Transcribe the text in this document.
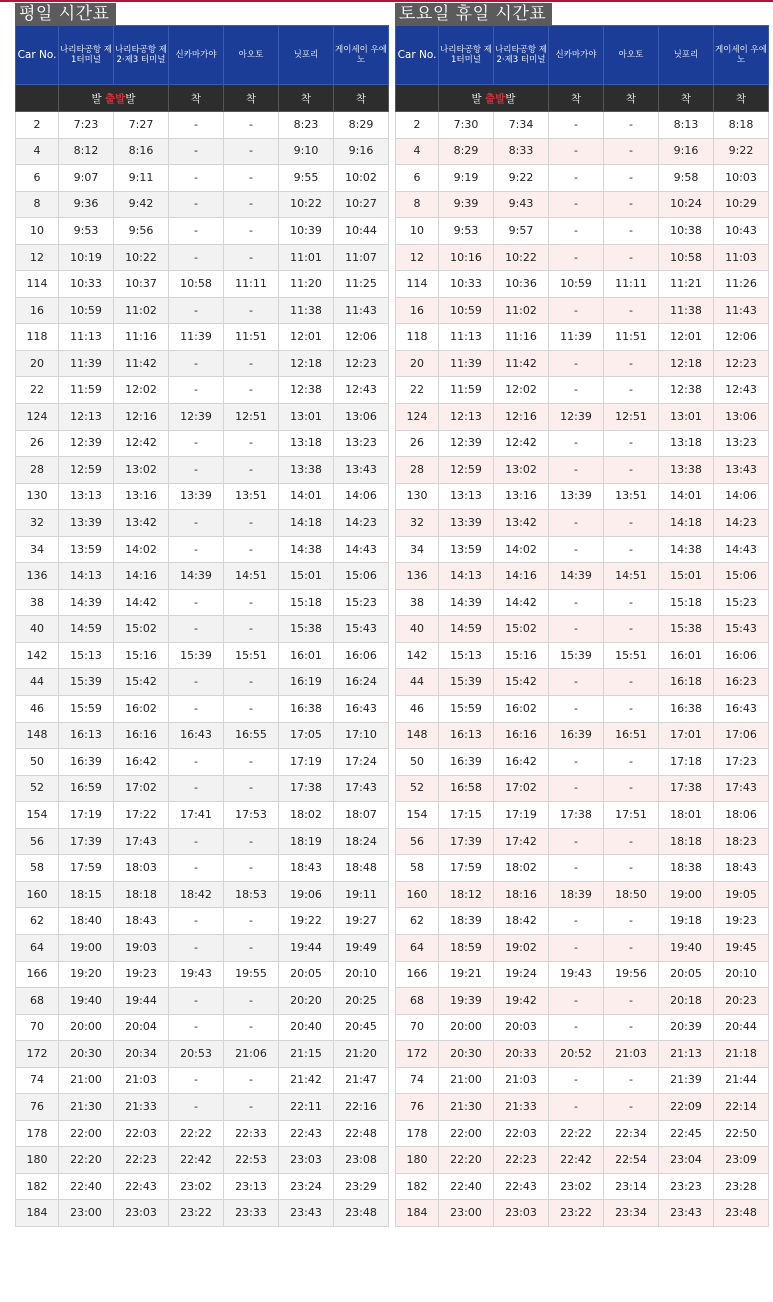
평일 시간표
Car No.	나리타공항 제1터미널	나리타공항 제2·제3 터미널	신카마가야	아오토	닛포리	게이세이 우에노
	발 출발발		착	착	착	착
2	7:23	7:27	-	-	8:23	8:29
4	8:12	8:16	-	-	9:10	9:16
6	9:07	9:11	-	-	9:55	10:02
8	9:36	9:42	-	-	10:22	10:27
10	9:53	9:56	-	-	10:39	10:44
12	10:19	10:22	-	-	11:01	11:07
114	10:33	10:37	10:58	11:11	11:20	11:25
16	10:59	11:02	-	-	11:38	11:43
118	11:13	11:16	11:39	11:51	12:01	12:06
20	11:39	11:42	-	-	12:18	12:23
22	11:59	12:02	-	-	12:38	12:43
124	12:13	12:16	12:39	12:51	13:01	13:06
26	12:39	12:42	-	-	13:18	13:23
28	12:59	13:02	-	-	13:38	13:43
130	13:13	13:16	13:39	13:51	14:01	14:06
32	13:39	13:42	-	-	14:18	14:23
34	13:59	14:02	-	-	14:38	14:43
136	14:13	14:16	14:39	14:51	15:01	15:06
38	14:39	14:42	-	-	15:18	15:23
40	14:59	15:02	-	-	15:38	15:43
142	15:13	15:16	15:39	15:51	16:01	16:06
44	15:39	15:42	-	-	16:19	16:24
46	15:59	16:02	-	-	16:38	16:43
148	16:13	16:16	16:43	16:55	17:05	17:10
50	16:39	16:42	-	-	17:19	17:24
52	16:59	17:02	-	-	17:38	17:43
154	17:19	17:22	17:41	17:53	18:02	18:07
56	17:39	17:43	-	-	18:19	18:24
58	17:59	18:03	-	-	18:43	18:48
160	18:15	18:18	18:42	18:53	19:06	19:11
62	18:40	18:43	-	-	19:22	19:27
64	19:00	19:03	-	-	19:44	19:49
166	19:20	19:23	19:43	19:55	20:05	20:10
68	19:40	19:44	-	-	20:20	20:25
70	20:00	20:04	-	-	20:40	20:45
172	20:30	20:34	20:53	21:06	21:15	21:20
74	21:00	21:03	-	-	21:42	21:47
76	21:30	21:33	-	-	22:11	22:16
178	22:00	22:03	22:22	22:33	22:43	22:48
180	22:20	22:23	22:42	22:53	23:03	23:08
182	22:40	22:43	23:02	23:13	23:24	23:29
184	23:00	23:03	23:22	23:33	23:43	23:48
토요일 휴일 시간표
Car No.	나리타공항 제1터미널	나리타공항 제2·제3 터미널	신카마가야	아오토	닛포리	게이세이 우에노
	발 출발발		착	착	착	착
2	7:30	7:34	-	-	8:13	8:18
4	8:29	8:33	-	-	9:16	9:22
6	9:19	9:22	-	-	9:58	10:03
8	9:39	9:43	-	-	10:24	10:29
10	9:53	9:57	-	-	10:38	10:43
12	10:16	10:22	-	-	10:58	11:03
114	10:33	10:36	10:59	11:11	11:21	11:26
16	10:59	11:02	-	-	11:38	11:43
118	11:13	11:16	11:39	11:51	12:01	12:06
20	11:39	11:42	-	-	12:18	12:23
22	11:59	12:02	-	-	12:38	12:43
124	12:13	12:16	12:39	12:51	13:01	13:06
26	12:39	12:42	-	-	13:18	13:23
28	12:59	13:02	-	-	13:38	13:43
130	13:13	13:16	13:39	13:51	14:01	14:06
32	13:39	13:42	-	-	14:18	14:23
34	13:59	14:02	-	-	14:38	14:43
136	14:13	14:16	14:39	14:51	15:01	15:06
38	14:39	14:42	-	-	15:18	15:23
40	14:59	15:02	-	-	15:38	15:43
142	15:13	15:16	15:39	15:51	16:01	16:06
44	15:39	15:42	-	-	16:18	16:23
46	15:59	16:02	-	-	16:38	16:43
148	16:13	16:16	16:39	16:51	17:01	17:06
50	16:39	16:42	-	-	17:18	17:23
52	16:58	17:02	-	-	17:38	17:43
154	17:15	17:19	17:38	17:51	18:01	18:06
56	17:39	17:42	-	-	18:18	18:23
58	17:59	18:02	-	-	18:38	18:43
160	18:12	18:16	18:39	18:50	19:00	19:05
62	18:39	18:42	-	-	19:18	19:23
64	18:59	19:02	-	-	19:40	19:45
166	19:21	19:24	19:43	19:56	20:05	20:10
68	19:39	19:42	-	-	20:18	20:23
70	20:00	20:03	-	-	20:39	20:44
172	20:30	20:33	20:52	21:03	21:13	21:18
74	21:00	21:03	-	-	21:39	21:44
76	21:30	21:33	-	-	22:09	22:14
178	22:00	22:03	22:22	22:34	22:45	22:50
180	22:20	22:23	22:42	22:54	23:04	23:09
182	22:40	22:43	23:02	23:14	23:23	23:28
184	23:00	23:03	23:22	23:34	23:43	23:48
